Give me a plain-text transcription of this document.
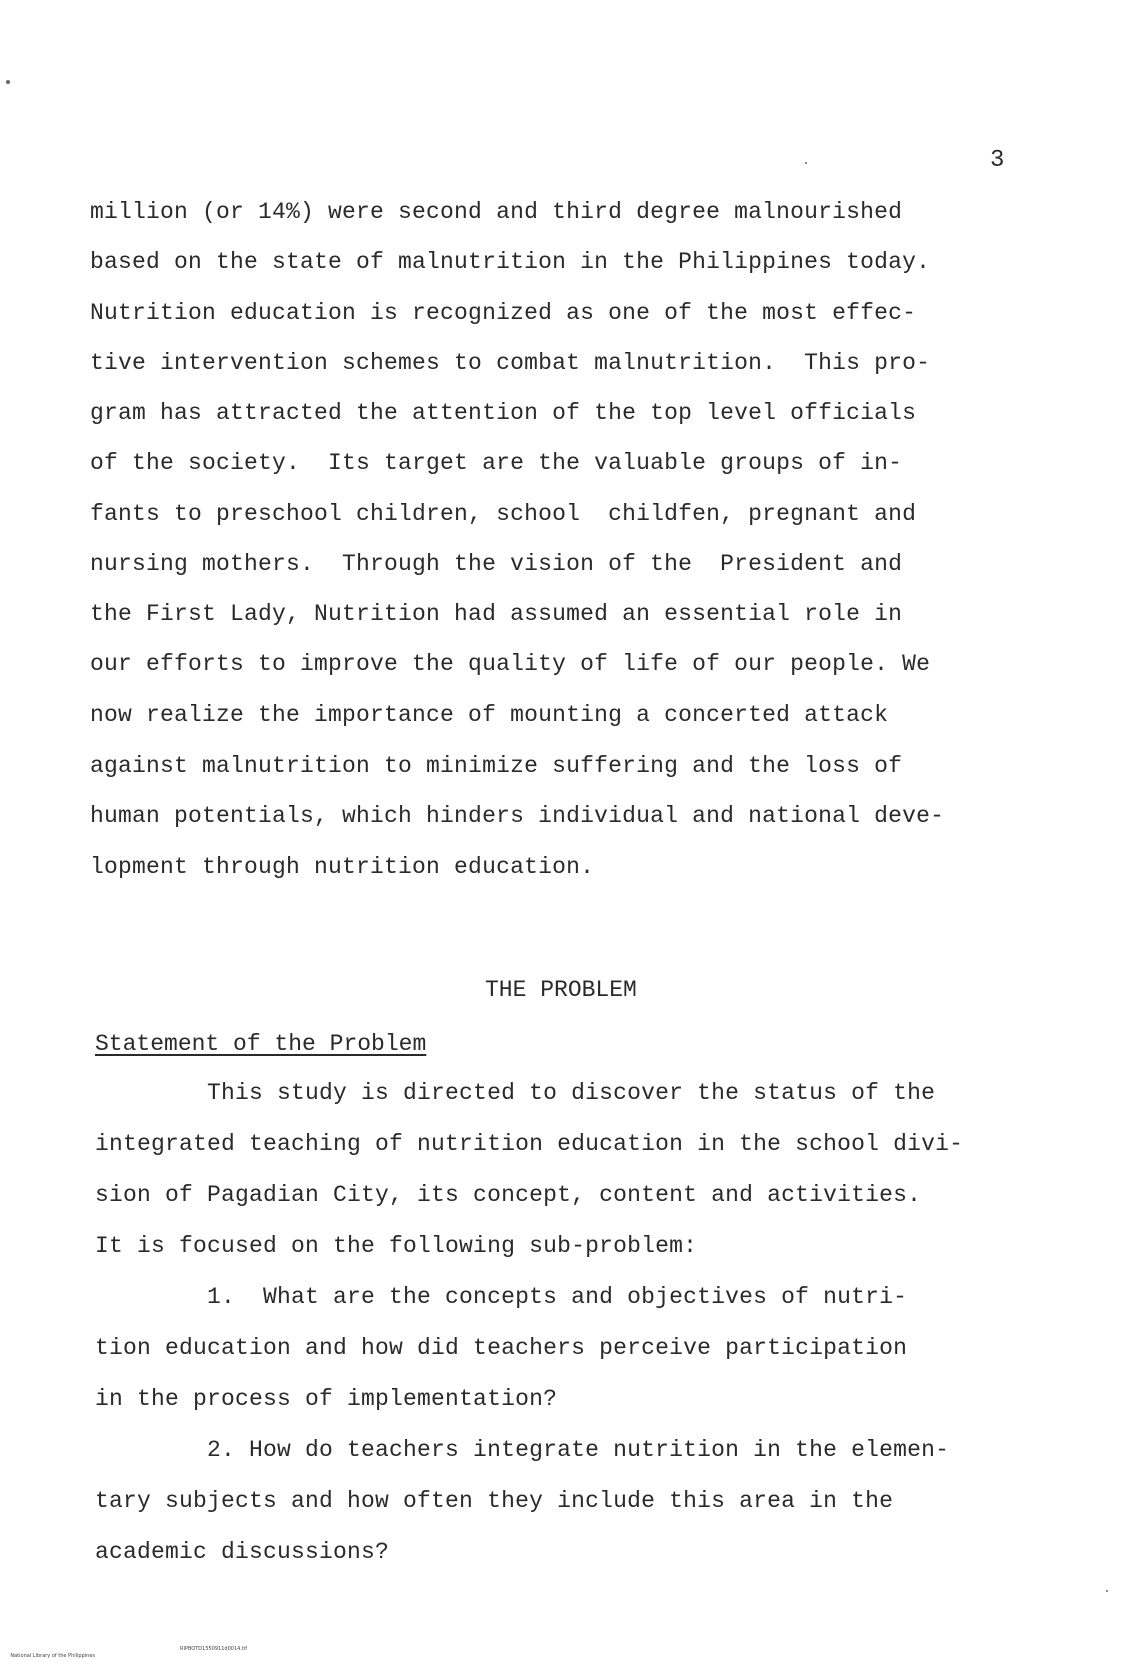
3
million (or 14%) were second and third degree malnourished
based on the state of malnutrition in the Philippines today.
Nutrition education is recognized as one of the most effec-
tive intervention schemes to combat malnutrition.  This pro-
gram has attracted the attention of the top level officials
of the society.  Its target are the valuable groups of in-
fants to preschool children, school  childfen, pregnant and
nursing mothers.  Through the vision of the  President and
the First Lady, Nutrition had assumed an essential role in
our efforts to improve the quality of life of our people. We
now realize the importance of mounting a concerted attack
against malnutrition to minimize suffering and the loss of
human potentials, which hinders individual and national deve-
lopment through nutrition education.
THE PROBLEM
Statement of the Problem
This study is directed to discover the status of the
integrated teaching of nutrition education in the school divi-
sion of Pagadian City, its concept, content and activities.
It is focused on the following sub-problem:
1.  What are the concepts and objectives of nutri-
tion education and how did teachers perceive participation
in the process of implementation?
2. How do teachers integrate nutrition in the elemen-
tary subjects and how often they include this area in the
academic discussions?

National Library of the Philippines

RIPBOTD1550911d0014.tif
